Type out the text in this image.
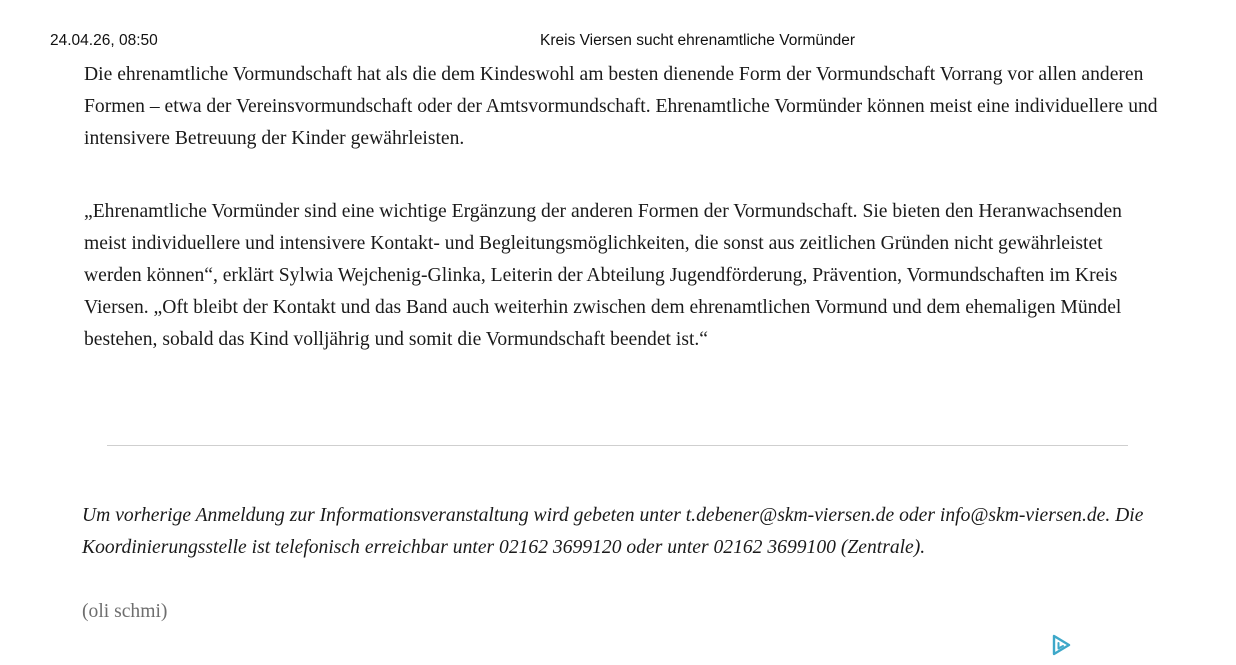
24.04.26, 08:50	Kreis Viersen sucht ehrenamtliche Vormünder

Die ehrenamtliche Vormundschaft hat als die dem Kindeswohl am besten dienende Form der Vormundschaft Vorrang vor allen anderen Formen – etwa der Vereinsvormundschaft oder der Amtsvormundschaft. Ehrenamtliche Vormünder können meist eine individuellere und intensivere Betreuung der Kinder gewährleisten.

„Ehrenamtliche Vormünder sind eine wichtige Ergänzung der anderen Formen der Vormundschaft. Sie bieten den Heranwachsenden meist individuellere und intensivere Kontakt- und Begleitungsmöglichkeiten, die sonst aus zeitlichen Gründen nicht gewährleistet werden können“, erklärt Sylwia Wejchenig-Glinka, Leiterin der Abteilung Jugendförderung, Prävention, Vormundschaften im Kreis Viersen. „Oft bleibt der Kontakt und das Band auch weiterhin zwischen dem ehrenamtlichen Vormund und dem ehemaligen Mündel bestehen, sobald das Kind volljährig und somit die Vormundschaft beendet ist.“

Um vorherige Anmeldung zur Informationsveranstaltung wird gebeten unter t.debener@skm-viersen.de oder info@skm-viersen.de. Die Koordinierungsstelle ist telefonisch erreichbar unter 02162 3699120 oder unter 02162 3699100 (Zentrale).

(oli schmi)
